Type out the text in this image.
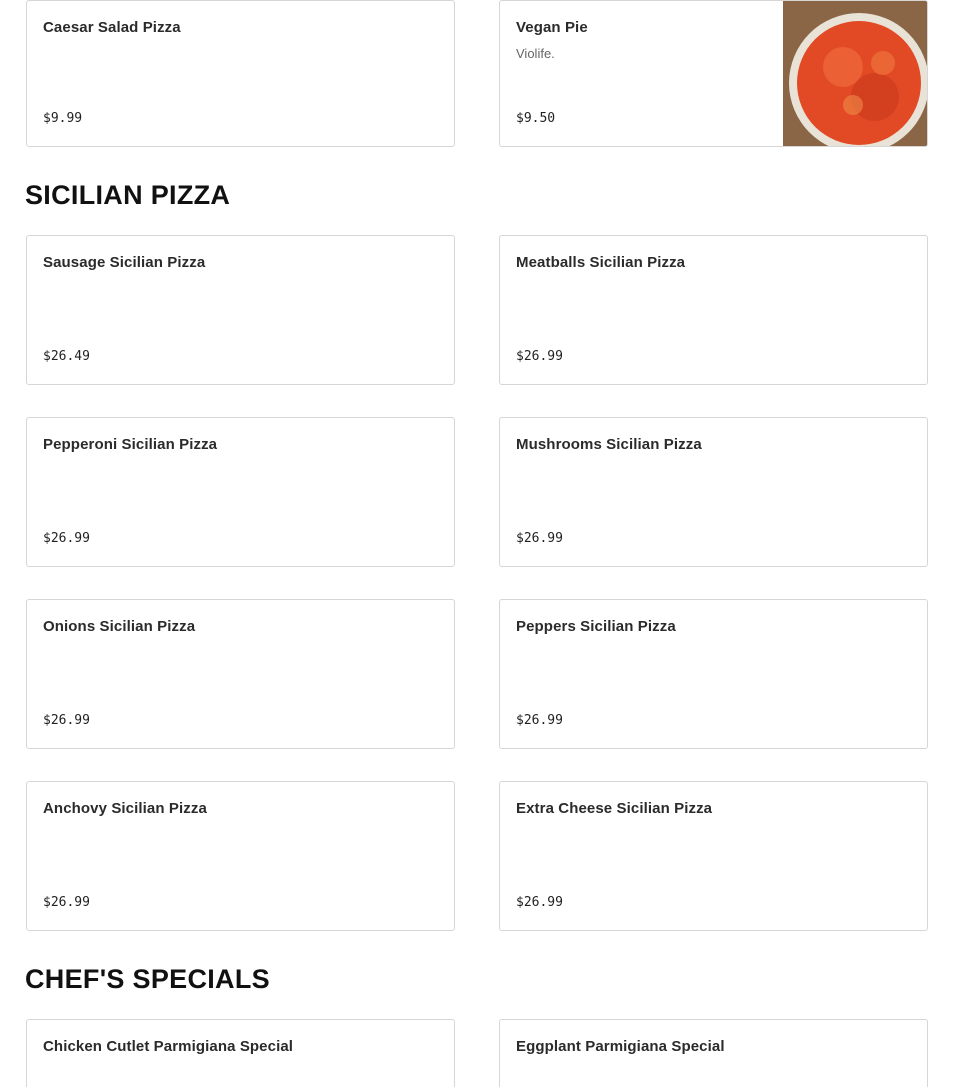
Caesar Salad Pizza
$9.99
Vegan Pie
Violife.
$9.50
SICILIAN PIZZA
Sausage Sicilian Pizza
$26.49
Meatballs Sicilian Pizza
$26.99
Pepperoni Sicilian Pizza
$26.99
Mushrooms Sicilian Pizza
$26.99
Onions Sicilian Pizza
$26.99
Peppers Sicilian Pizza
$26.99
Anchovy Sicilian Pizza
$26.99
Extra Cheese Sicilian Pizza
$26.99
CHEF'S SPECIALS
Chicken Cutlet Parmigiana Special	Eggplant Parmigiana Special
